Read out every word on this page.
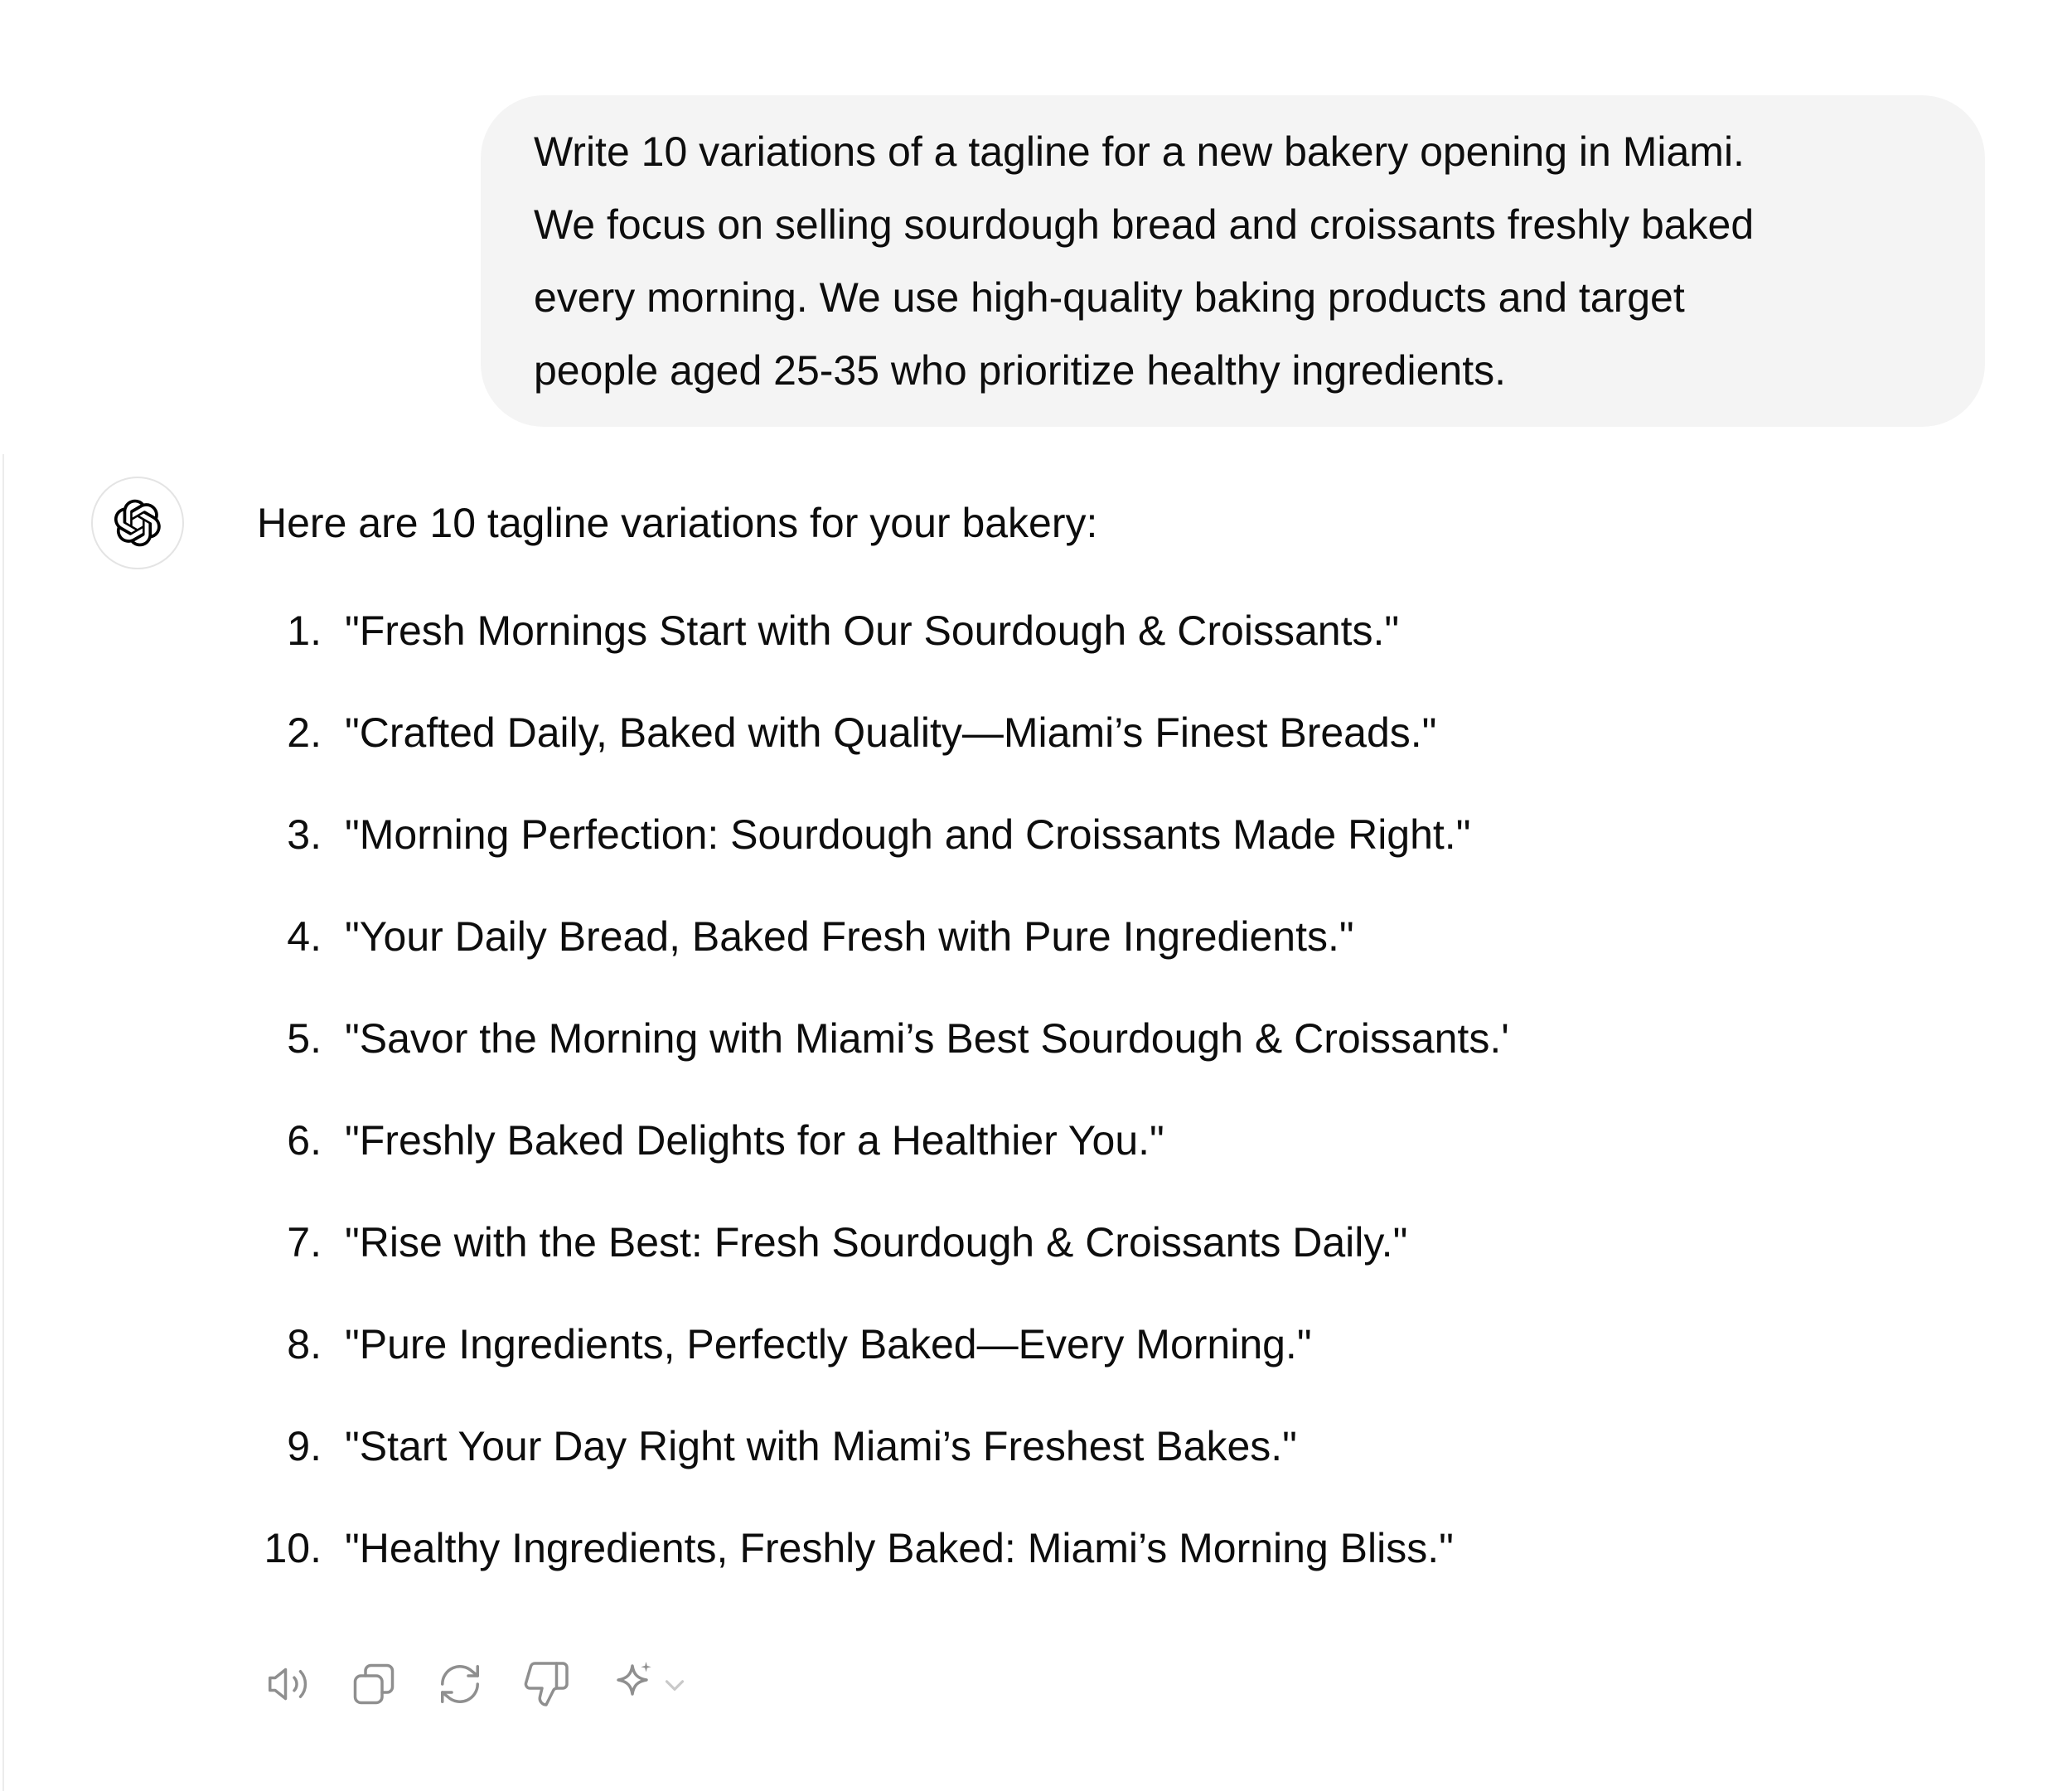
Write 10 variations of a tagline for a new bakery opening in Miami.
We focus on selling sourdough bread and croissants freshly baked
every morning. We use high-quality baking products and target
people aged 25-35 who prioritize healthy ingredients.
Here are 10 tagline variations for your bakery:
1. "Fresh Mornings Start with Our Sourdough & Croissants."
2. "Crafted Daily, Baked with Quality—Miami’s Finest Breads."
3. "Morning Perfection: Sourdough and Croissants Made Right."
4. "Your Daily Bread, Baked Fresh with Pure Ingredients."
5. "Savor the Morning with Miami’s Best Sourdough & Croissants.'
6. "Freshly Baked Delights for a Healthier You."
7. "Rise with the Best: Fresh Sourdough & Croissants Daily."
8. "Pure Ingredients, Perfectly Baked—Every Morning."
9. "Start Your Day Right with Miami’s Freshest Bakes."
10. "Healthy Ingredients, Freshly Baked: Miami’s Morning Bliss."
